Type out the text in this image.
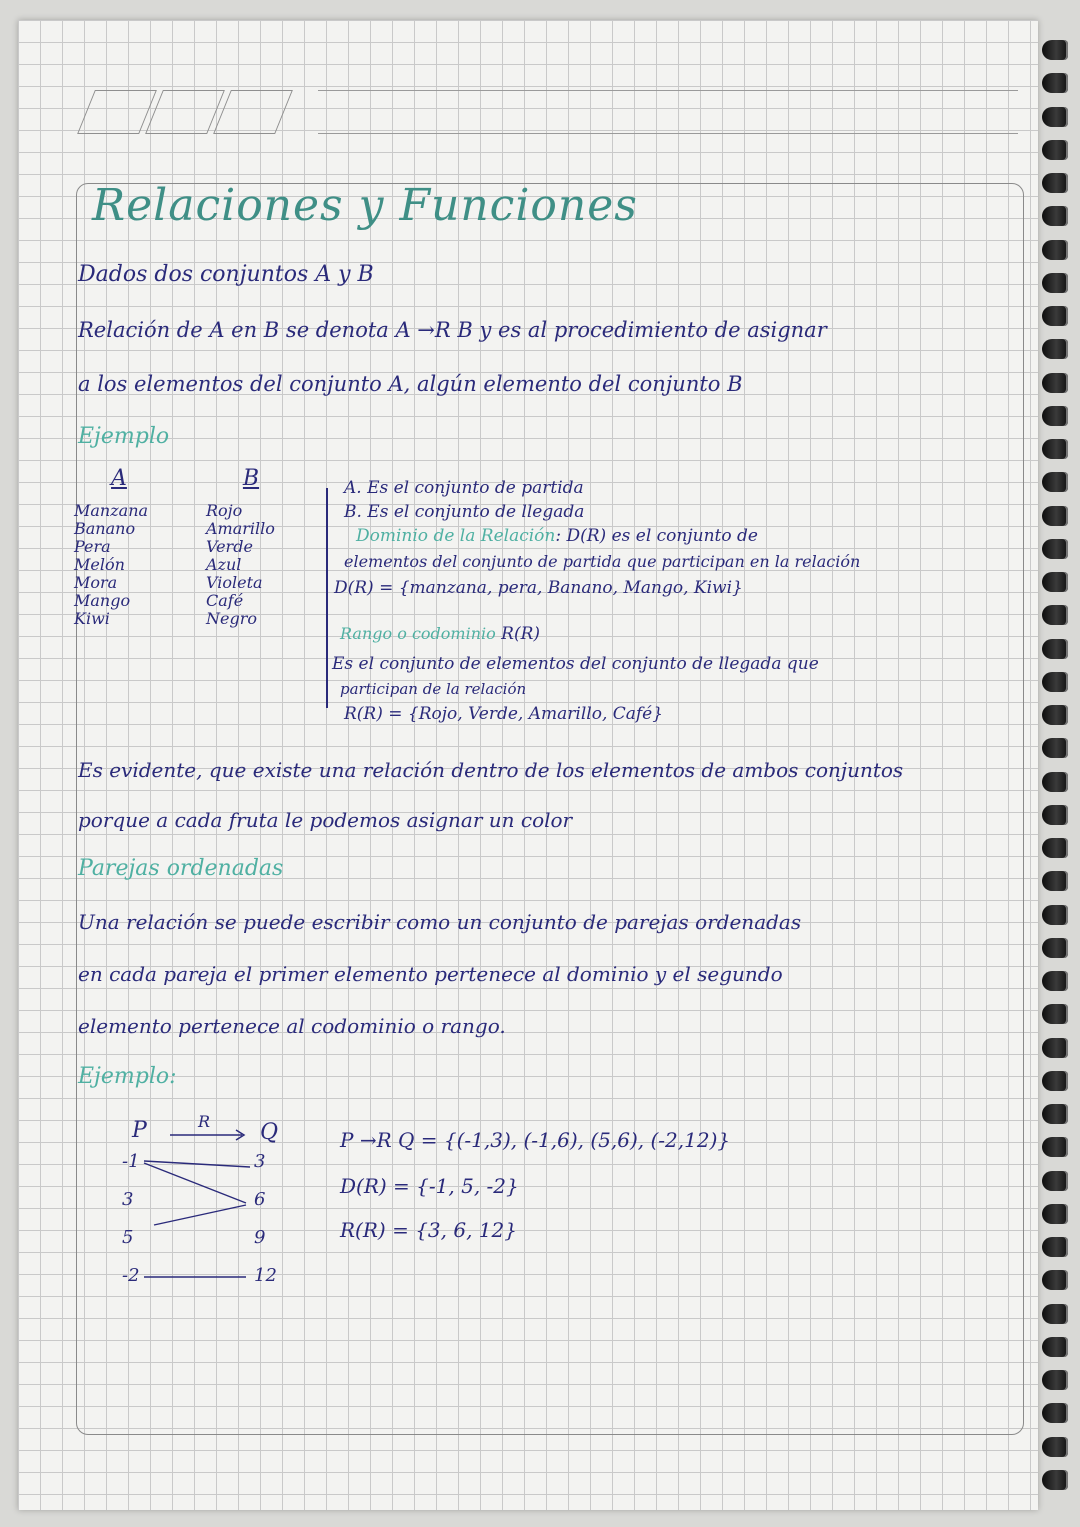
Relaciones y Funciones
Dados dos conjuntos A y B
Relación de A en B se denota A →R B y es al procedimiento de asignar
a los elementos del conjunto A, algún elemento del conjunto B
Ejemplo
A
Manzana
Banano
Pera
Melón
Mora
Mango
Kiwi
B
Rojo
Amarillo
Verde
Azul
Violeta
Café
Negro
A. Es el conjunto de partida
B. Es el conjunto de llegada
Dominio de la Relación: D(R) es el conjunto de
elementos del conjunto de partida que participan en la relación
D(R) = {manzana, pera, Banano, Mango, Kiwi}
Rango o codominio R(R)
Es el conjunto de elementos del conjunto de llegada que
participan de la relación
R(R) = {Rojo, Verde, Amarillo, Café}
Es evidente, que existe una relación dentro de los elementos de ambos conjuntos
porque a cada fruta le podemos asignar un color
Parejas ordenadas
Una relación se puede escribir como un conjunto de parejas ordenadas
en cada pareja el primer elemento pertenece al dominio y el segundo
elemento pertenece al codominio o rango.
Ejemplo:
P	R Q
-1
3
5
-2
3
6
9
12
P →R Q = {(-1,3), (-1,6), (5,6), (-2,12)}
D(R) = {-1, 5, -2}
R(R) = {3, 6, 12}
